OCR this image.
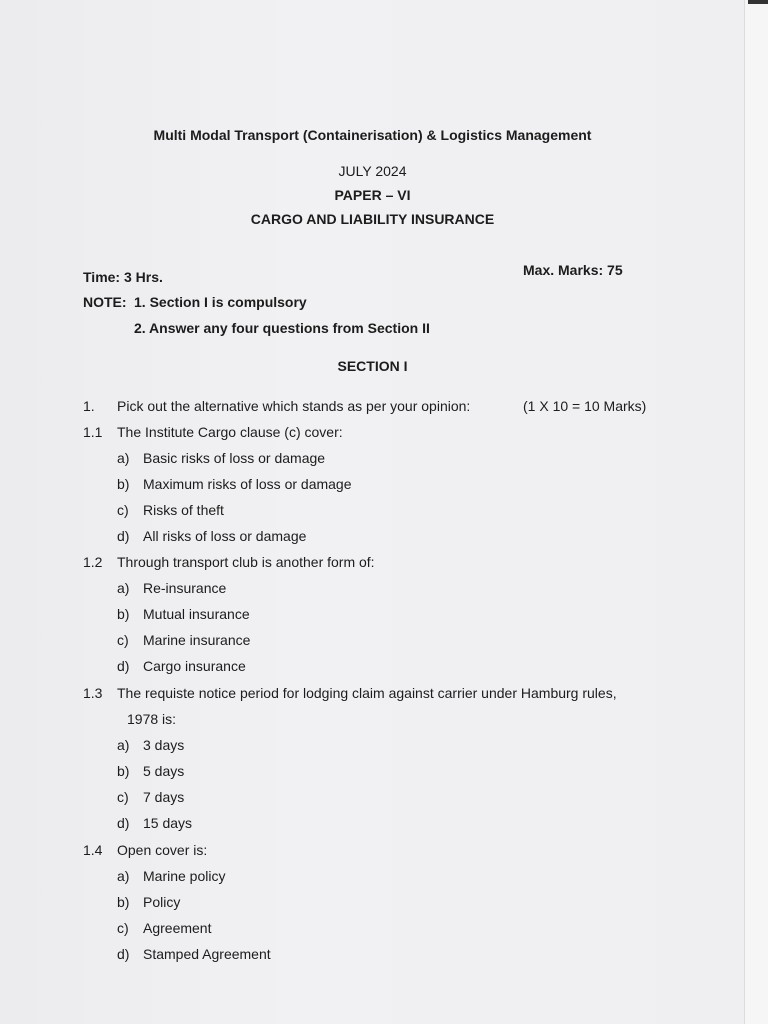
Multi Modal Transport (Containerisation) & Logistics Management
JULY 2024
PAPER – VI
CARGO AND LIABILITY INSURANCE
Time: 3 Hrs.	Max. Marks: 75
NOTE: 1. Section I is compulsory
2. Answer any four questions from Section II
SECTION I
1. Pick out the alternative which stands as per your opinion:	(1 X 10 = 10 Marks)
1.1 The Institute Cargo clause (c) cover:
a) Basic risks of loss or damage
b) Maximum risks of loss or damage
c) Risks of theft
d) All risks of loss or damage
1.2 Through transport club is another form of:
a) Re-insurance
b) Mutual insurance
c) Marine insurance
d) Cargo insurance
1.3 The requiste notice period for lodging claim against carrier under Hamburg rules,
1978 is:
a) 3 days
b) 5 days
c) 7 days
d) 15 days
1.4 Open cover is:
a) Marine policy
b) Policy
c) Agreement
d) Stamped Agreement
